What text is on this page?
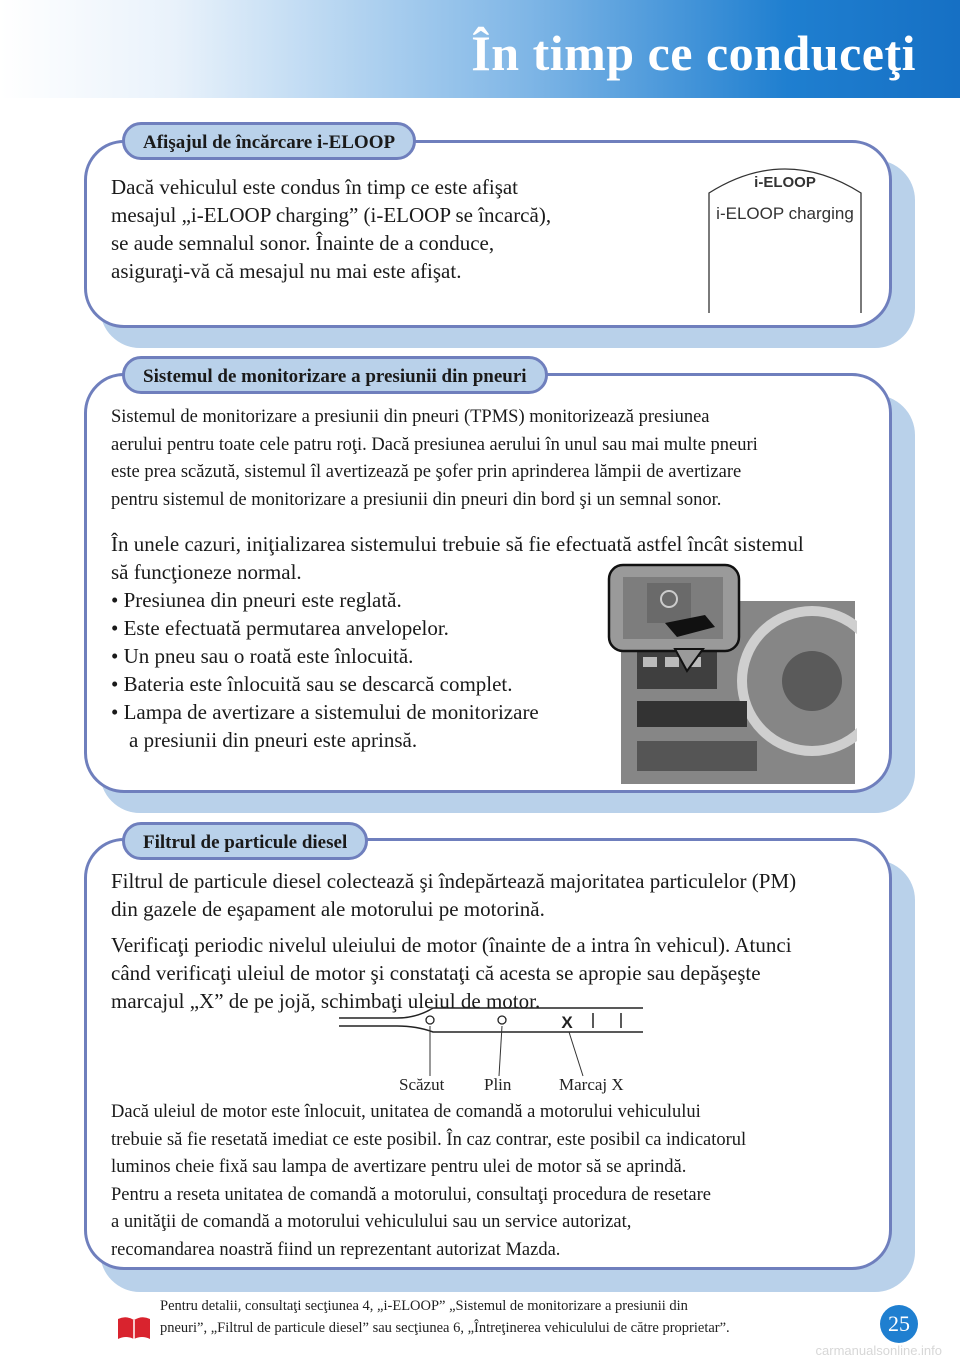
În timp ce conduceţi

Dacă vehiculul este condus în timp ce este afişat

mesajul „i-ELOOP charging” (i-ELOOP se încarcă),

se aude semnalul sonor. Înainte de a conduce,

asiguraţi-vă că mesajul nu mai este afişat.

i-ELOOP
i-ELOOP charging
Afişajul de încărcare i-ELOOP

Sistemul de monitorizare a presiunii din pneuri (TPMS) monitorizează presiunea

aerului pentru toate cele patru roţi. Dacă presiunea aerului în unul sau mai multe pneuri

este prea scăzută, sistemul îl avertizează pe şofer prin aprinderea lămpii de avertizare

pentru sistemul de monitorizare a presiunii din pneuri din bord şi un semnal sonor.

În unele cazuri, iniţializarea sistemului trebuie să fie efectuată astfel încât sistemul

să funcţioneze normal.

• Presiunea din pneuri este reglată.

• Este efectuată permutarea anvelopelor.

• Un pneu sau o roată este înlocuită.

• Bateria este înlocuită sau se descarcă complet.

• Lampa de avertizare a sistemului de monitorizare

a presiunii din pneuri este aprinsă.

Sistemul de monitorizare a presiunii din pneuri

Filtrul de particule diesel colectează şi îndepărtează majoritatea particulelor (PM)

din gazele de eşapament ale motorului pe motorină.

Verificaţi periodic nivelul uleiului de motor (înainte de a intra în vehicul). Atunci

când verificaţi uleiul de motor şi constataţi că acesta se apropie sau depăşeşte

marcajul „X” de pe jojă, schimbaţi uleiul de motor.

X
Scăzut Plin	Marcaj X

Dacă uleiul de motor este înlocuit, unitatea de comandă a motorului vehiculului

trebuie să fie resetată imediat ce este posibil. În caz contrar, este posibil ca indicatorul

luminos cheie fixă sau lampa de avertizare pentru ulei de motor să se aprindă.

Pentru a reseta unitatea de comandă a motorului, consultaţi procedura de resetare

a unităţii de comandă a motorului vehiculului sau un service autorizat,

recomandarea noastră fiind un reprezentant autorizat Mazda.

Filtrul de particule diesel
Pentru detalii, consultaţi secţiunea 4, „i-ELOOP” „Sistemul de monitorizare a presiunii din
pneuri”, „Filtrul de particule diesel” sau secţiunea 6, „Întreţinerea vehiculului de către proprietar”.	25
carmanualsonline.info
